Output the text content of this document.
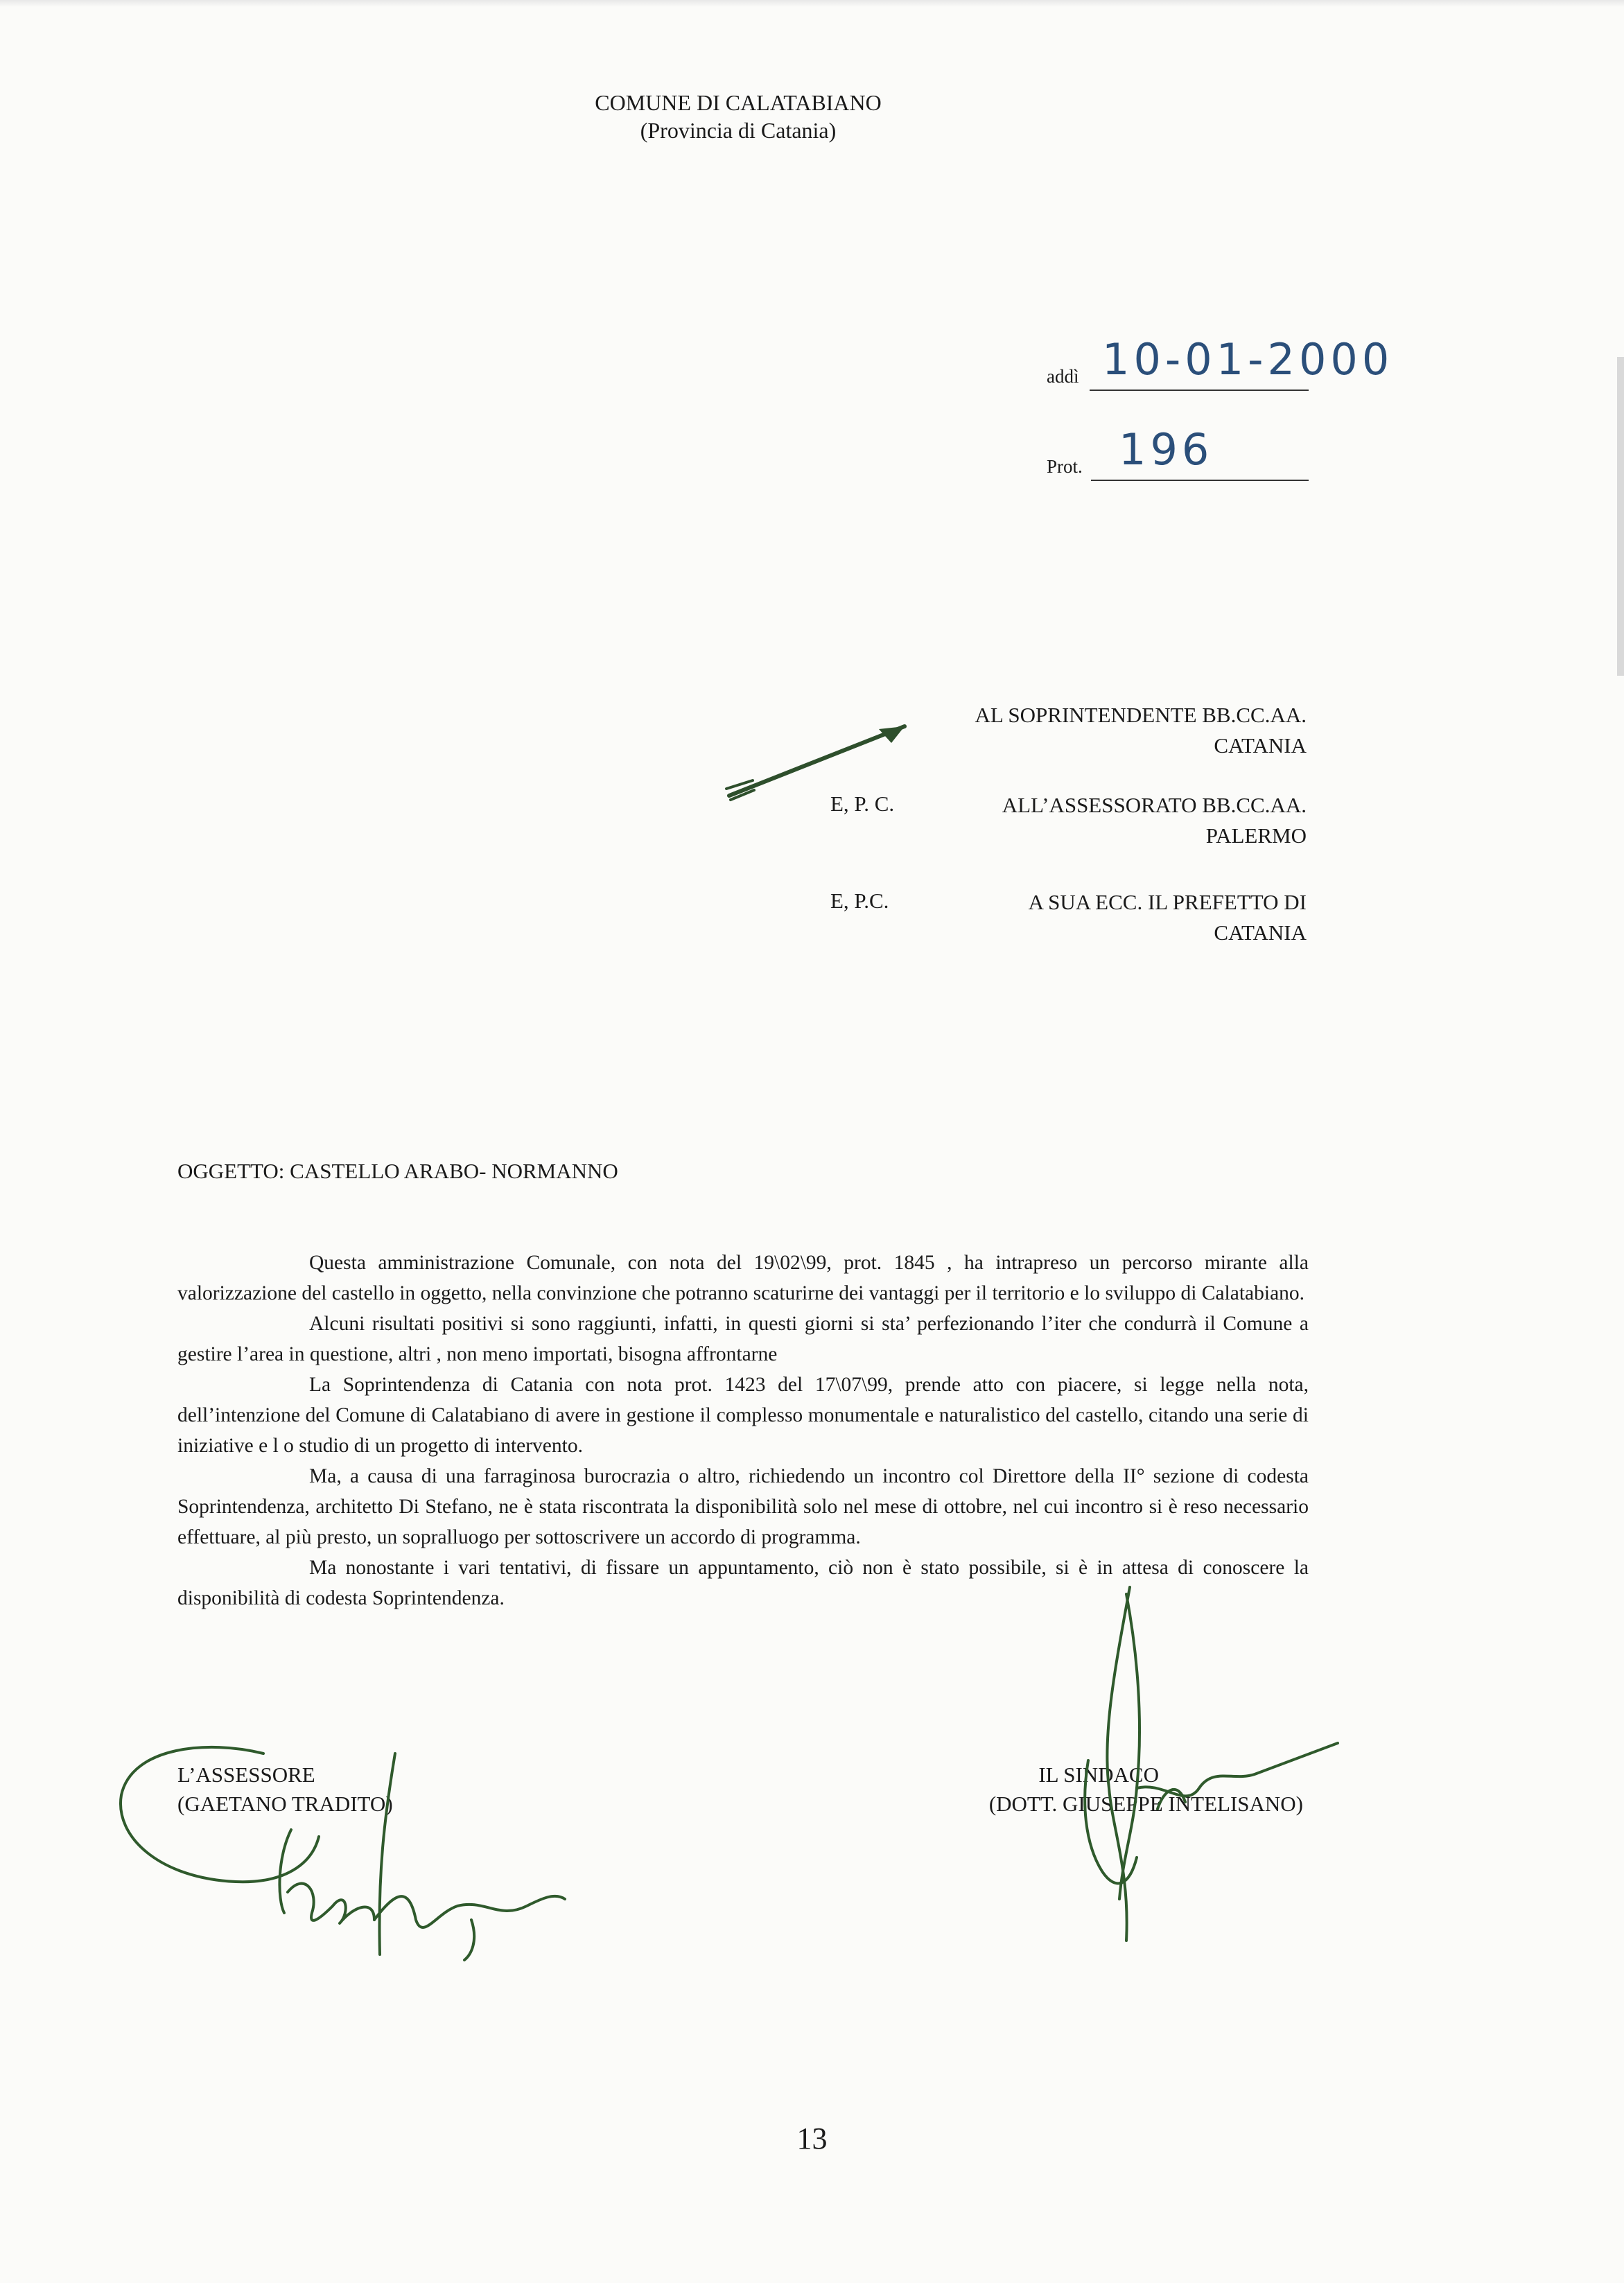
COMUNE DI CALATABIANO
(Provincia di Catania)
addì 10-01-2000
Prot. 196
AL SOPRINTENDENTE BB.CC.AA.
CATANIA
E, P. C.	ALL’ASSESSORATO BB.CC.AA.
PALERMO
E, P.C.	A SUA ECC. IL PREFETTO DI
CATANIA
OGGETTO: CASTELLO ARABO- NORMANNO

Questa amministrazione Comunale, con nota del 19\02\99, prot. 1845 , ha intrapreso un percorso mirante alla valorizzazione del castello in oggetto, nella convinzione che potranno scaturirne dei vantaggi per il territorio e lo sviluppo di Calatabiano.

Alcuni risultati positivi si sono raggiunti, infatti, in questi giorni si sta’ perfezionando l’iter che condurrà il Comune a gestire l’area in questione, altri , non meno importati, bisogna affrontarne

La Soprintendenza di Catania con nota prot. 1423 del 17\07\99, prende atto con piacere, si legge nella nota, dell’intenzione del Comune di Calatabiano di avere in gestione il complesso monumentale e naturalistico del castello, citando una serie di iniziative e l o studio di un progetto di intervento.

Ma, a causa di una farraginosa burocrazia o altro, richiedendo un incontro col Direttore della II° sezione di codesta Soprintendenza, architetto Di Stefano, ne è stata riscontrata la disponibilità solo nel mese di ottobre, nel cui incontro si è reso necessario effettuare, al più presto, un sopralluogo per sottoscrivere un accordo di programma.

Ma nonostante i vari tentativi, di fissare un appuntamento, ciò non è stato possibile, si è in attesa di conoscere la disponibilità di codesta Soprintendenza.

L’ASSESSORE
(GAETANO TRADITO)
IL SINDACO
(DOTT. GIUSEPPE INTELISANO)
13
